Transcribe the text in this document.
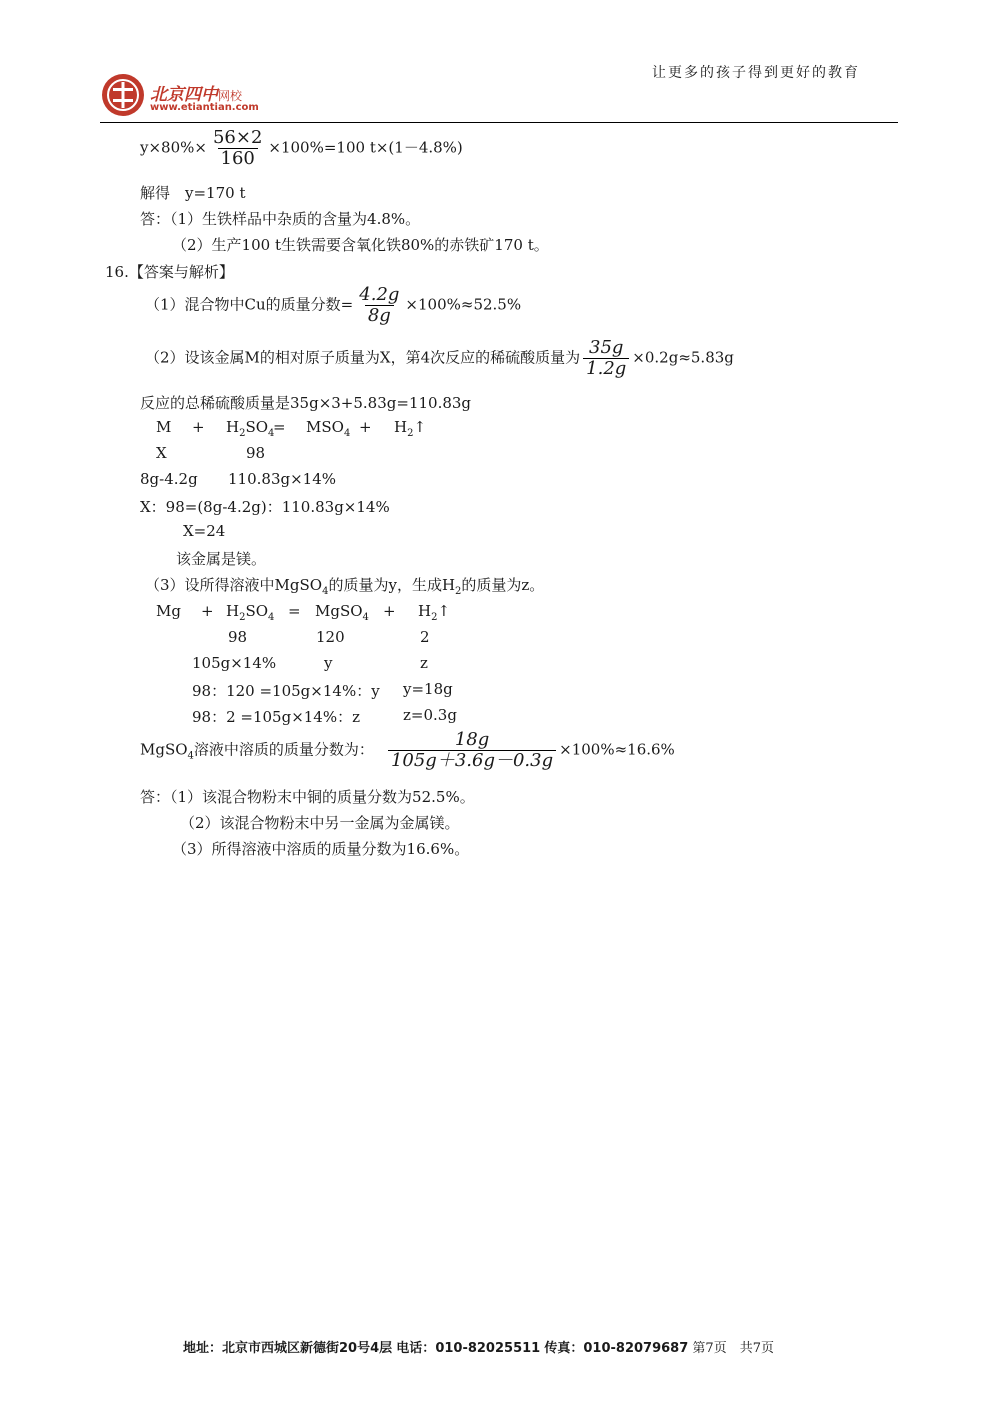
北京四中网校
www.etiantian.com
让更多的孩子得到更好的教育
$y\times 80\%\times \frac{56\times 2}{160} \times 100\%=100$ t×(1－4.8%)
解得　y=170 t
答：（1）生铁样品中杂质的含量为4.8%。
（2）生产100 t生铁需要含氧化铁80%的赤铁矿170 t。
16.【答案与解析】
（1）混合物中Cu的质量分数= $\frac{4.2g}{8g} \times 100\%\approx 52.5\%$
（2）设该金属M的相对原子质量为X，第4次反应的稀硫酸质量为 $\frac{35g}{1.2g} \times 0.2g\approx 5.83g$
反应的总稀硫酸质量是35g×3+5.83g=110.83g
$M + H_2SO_4$
= $MSO_4$ + $H_2↑$
X	98
8g-4.2g 110.83g×14%
X：98=(8g-4.2g)：110.83g×14%
X=24
该金属是镁。
（3）设所得溶液中MgSO$_4$的质量为y，生成$H_2$的质量为z。
$Mg + H_2SO_4$ = MgSO$_4$ + $H_2↑$
98	120	2
105g×14%	y	z
98：120 =105g×14%：y y=18g
98：2 =105g×14%：z	z=0.3g
MgSO$_4$溶液中溶质的质量分数为： $\frac{18g}{105g+3.6g-0.3g} \times 100\%\approx 16.6\%$
答：（1）该混合物粉末中铜的质量分数为52.5%。
（2）该混合物粉末中另一金属为金属镁。
（3）所得溶液中溶质的质量分数为16.6%。
地址：北京市西城区新德街20号4层 电话：010-82025511 传真：010-82079687 第7页　共7页
